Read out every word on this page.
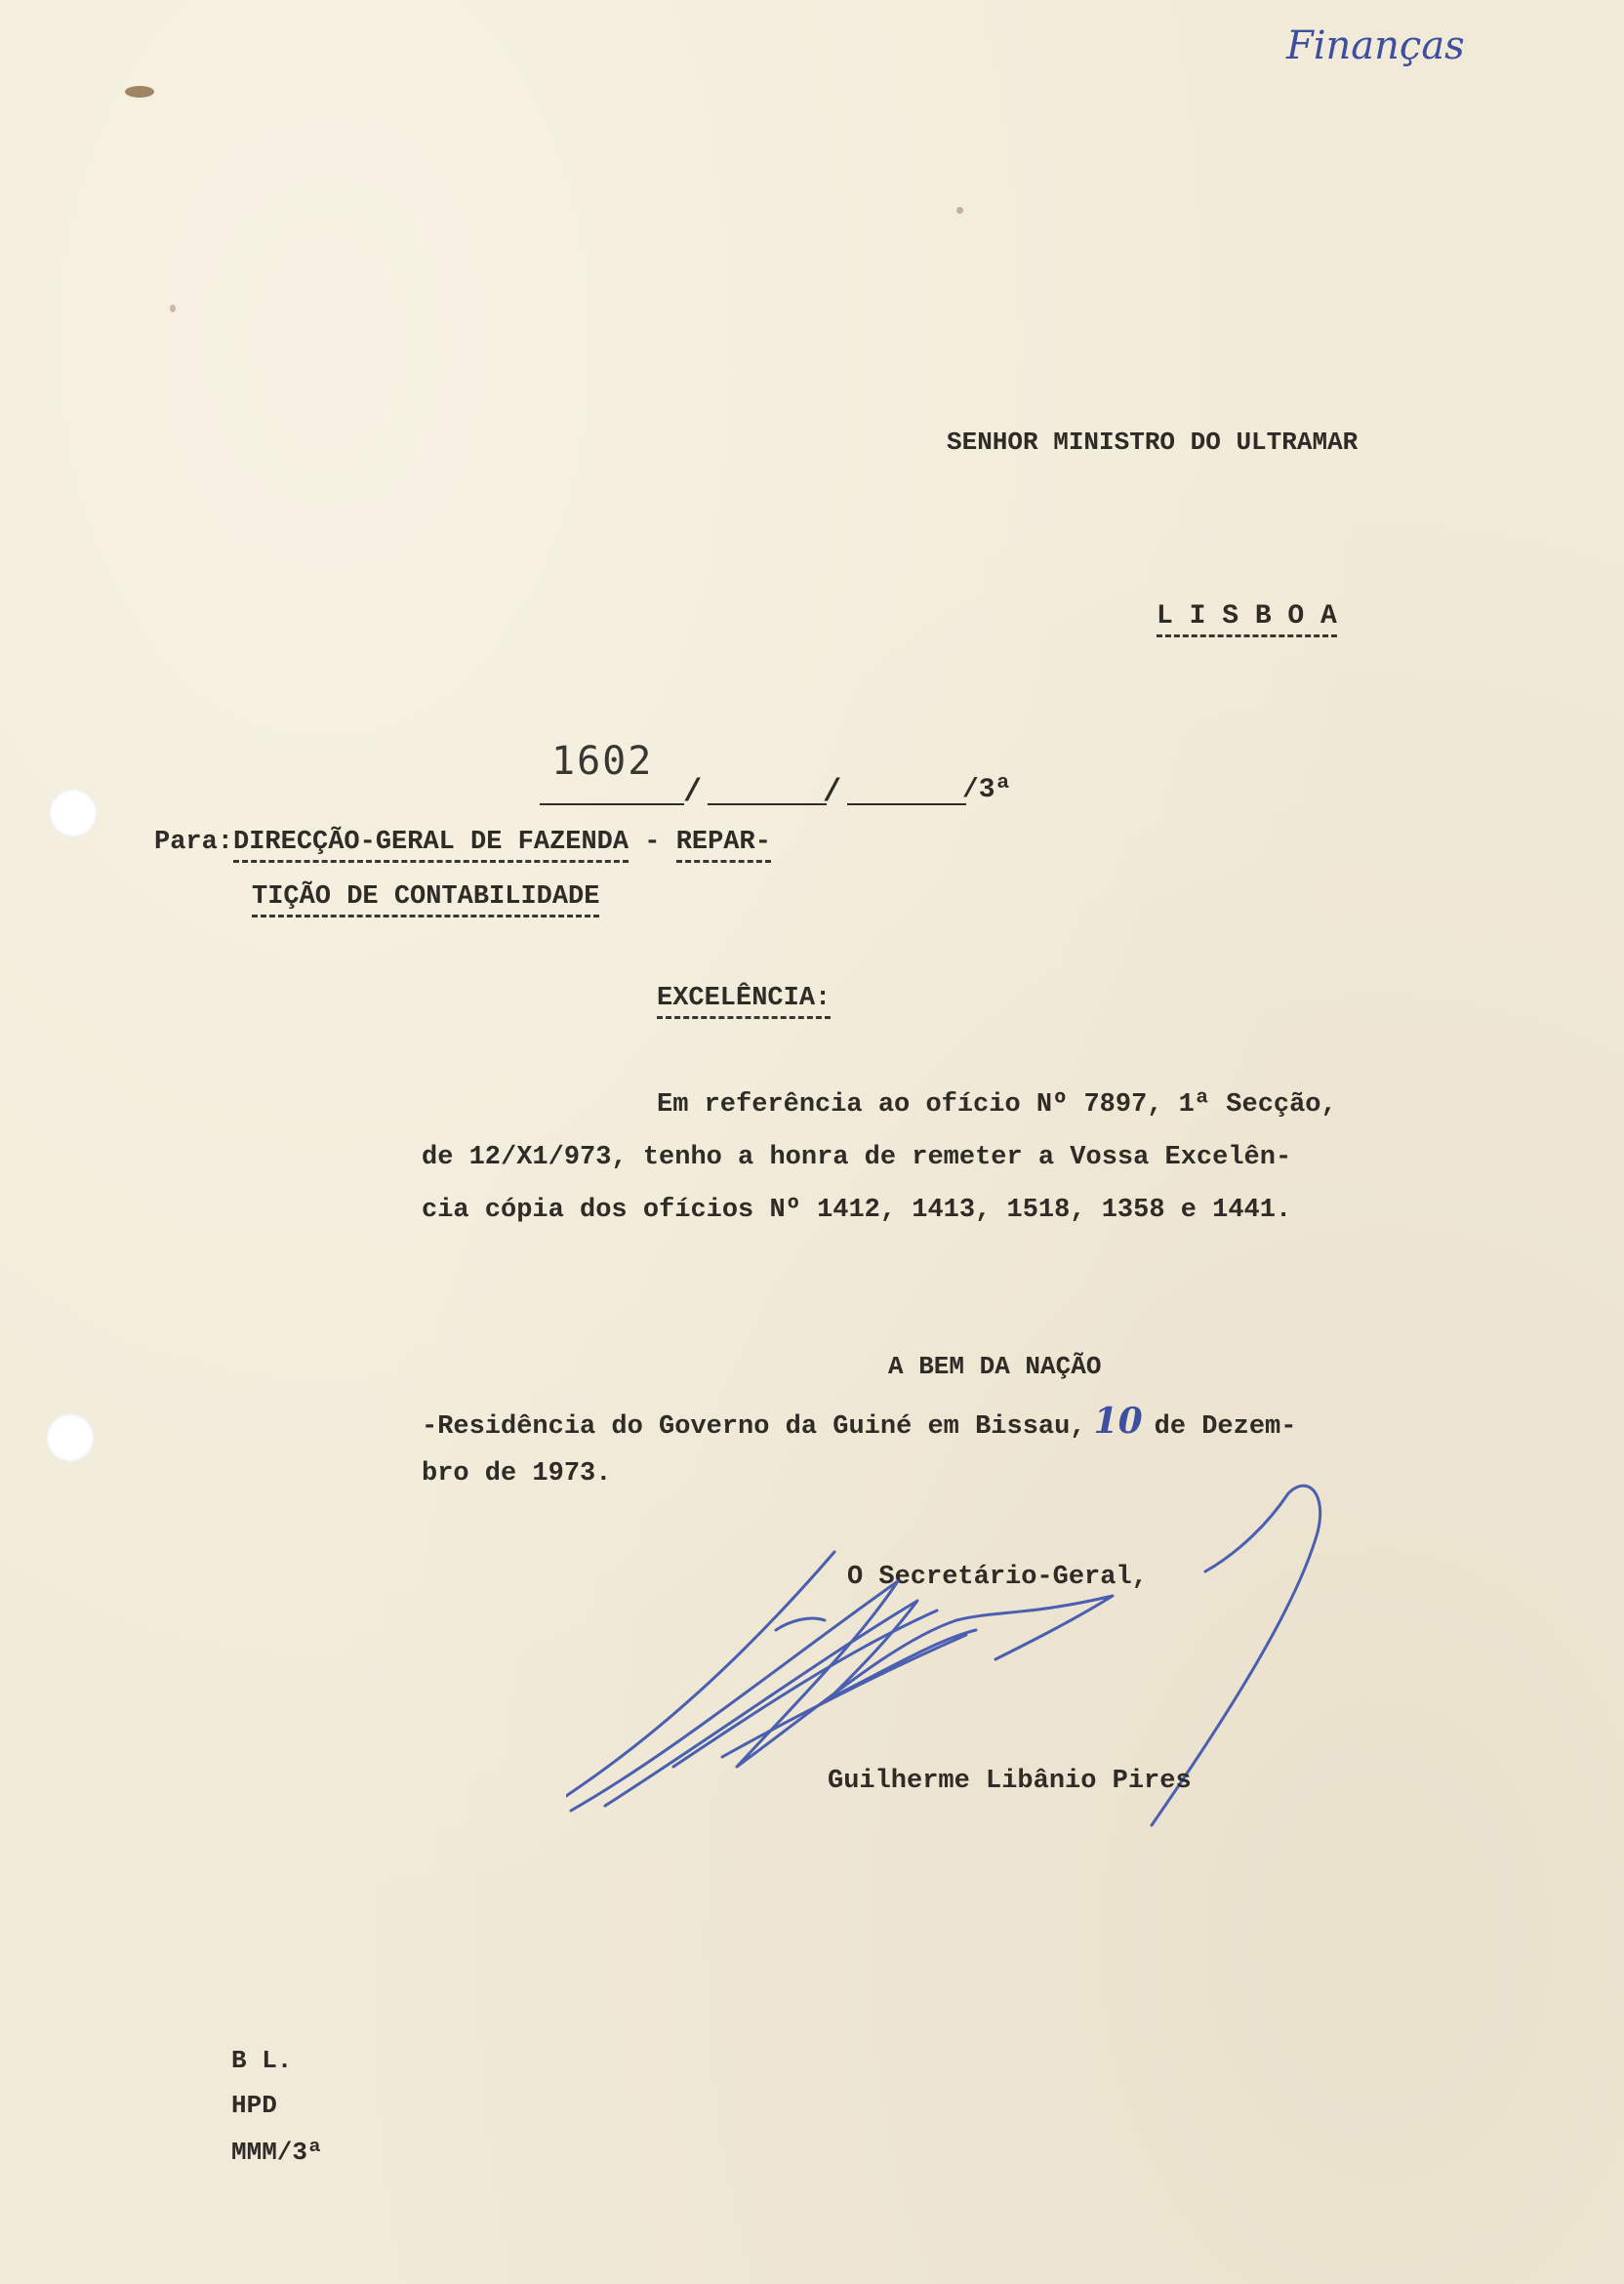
Finanças
SENHOR MINISTRO DO ULTRAMAR
L I S B O A
1602
/	/	/3ª
Para:DIRECÇÃO-GERAL DE FAZENDA - REPAR-
TIÇÃO DE CONTABILIDADE
EXCELÊNCIA:
Em referência ao ofício Nº 7897, 1ª Secção,
de 12/X1/973, tenho a honra de remeter a Vossa Excelên-
cia cópia dos ofícios Nº 1412, 1413, 1518, 1358 e 1441.
A BEM DA NAÇÃO
-Residência do Governo da Guiné em Bissau, 10 de Dezem-
bro de 1973.
O Secretário-Geral,
Guilherme Libânio Pires
B L.
HPD
MMM/3ª
